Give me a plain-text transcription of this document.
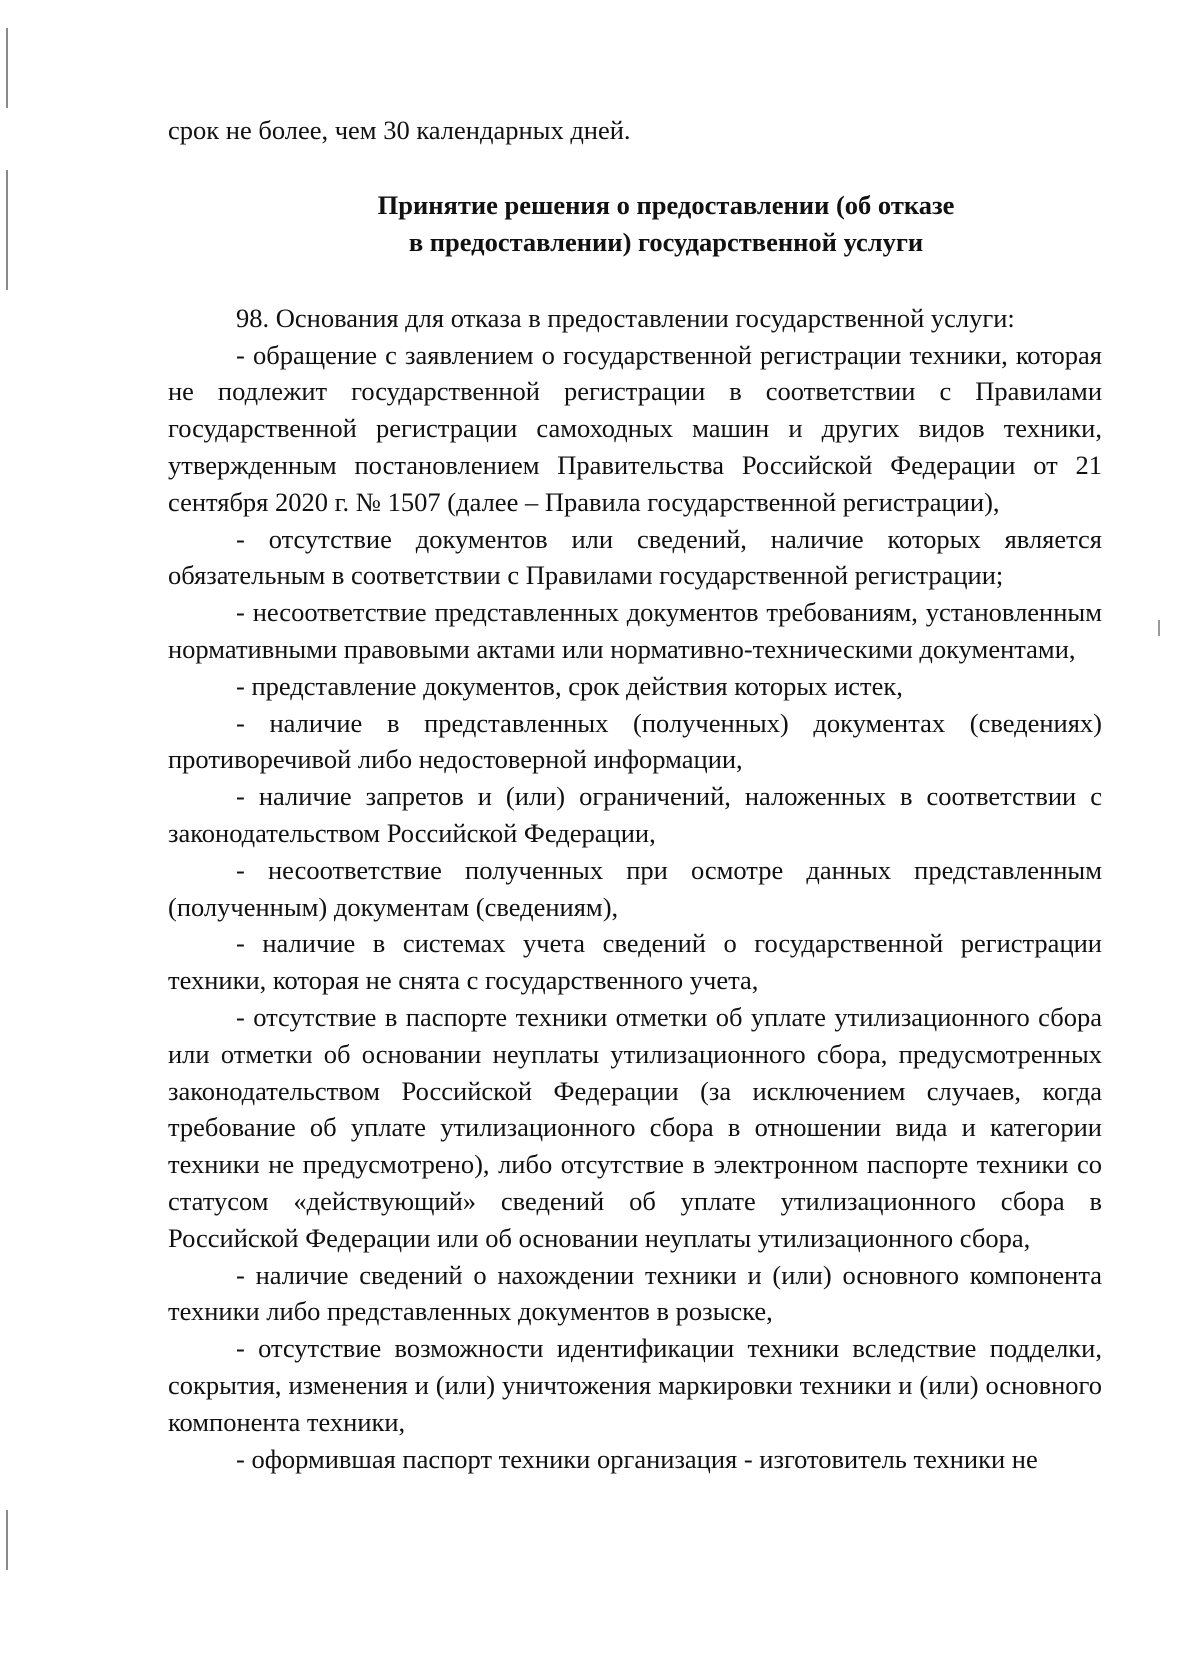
срок не более, чем 30 календарных дней.

Принятие решения о предоставлении (об отказе
в предоставлении) государственной услуги

98. Основания для отказа в предоставлении государственной услуги:

- обращение с заявлением о государственной регистрации техники, которая не подлежит государственной регистрации в соответствии с Правилами государственной регистрации самоходных машин и других видов техники, утвержденным постановлением Правительства Российской Федерации от 21 сентября 2020 г. № 1507 (далее – Правила государственной регистрации),

- отсутствие документов или сведений, наличие которых является обязательным в соответствии с Правилами государственной регистрации;

- несоответствие представленных документов требованиям, установленным нормативными правовыми актами или нормативно-техническими документами,

- представление документов, срок действия которых истек,

- наличие в представленных (полученных) документах (сведениях) противоречивой либо недостоверной информации,

- наличие запретов и (или) ограничений, наложенных в соответствии с законодательством Российской Федерации,

- несоответствие полученных при осмотре данных представленным (полученным) документам (сведениям),

- наличие в системах учета сведений о государственной регистрации техники, которая не снята с государственного учета,

- отсутствие в паспорте техники отметки об уплате утилизационного сбора или отметки об основании неуплаты утилизационного сбора, предусмотренных законодательством Российской Федерации (за исключением случаев, когда требование об уплате утилизационного сбора в отношении вида и категории техники не предусмотрено), либо отсутствие в электронном паспорте техники со статусом «действующий» сведений об уплате утилизационного сбора в Российской Федерации или об основании неуплаты утилизационного сбора,

- наличие сведений о нахождении техники и (или) основного компонента техники либо представленных документов в розыске,

- отсутствие возможности идентификации техники вследствие подделки, сокрытия, изменения и (или) уничтожения маркировки техники и (или) основного компонента техники,

- оформившая паспорт техники организация - изготовитель техники не
